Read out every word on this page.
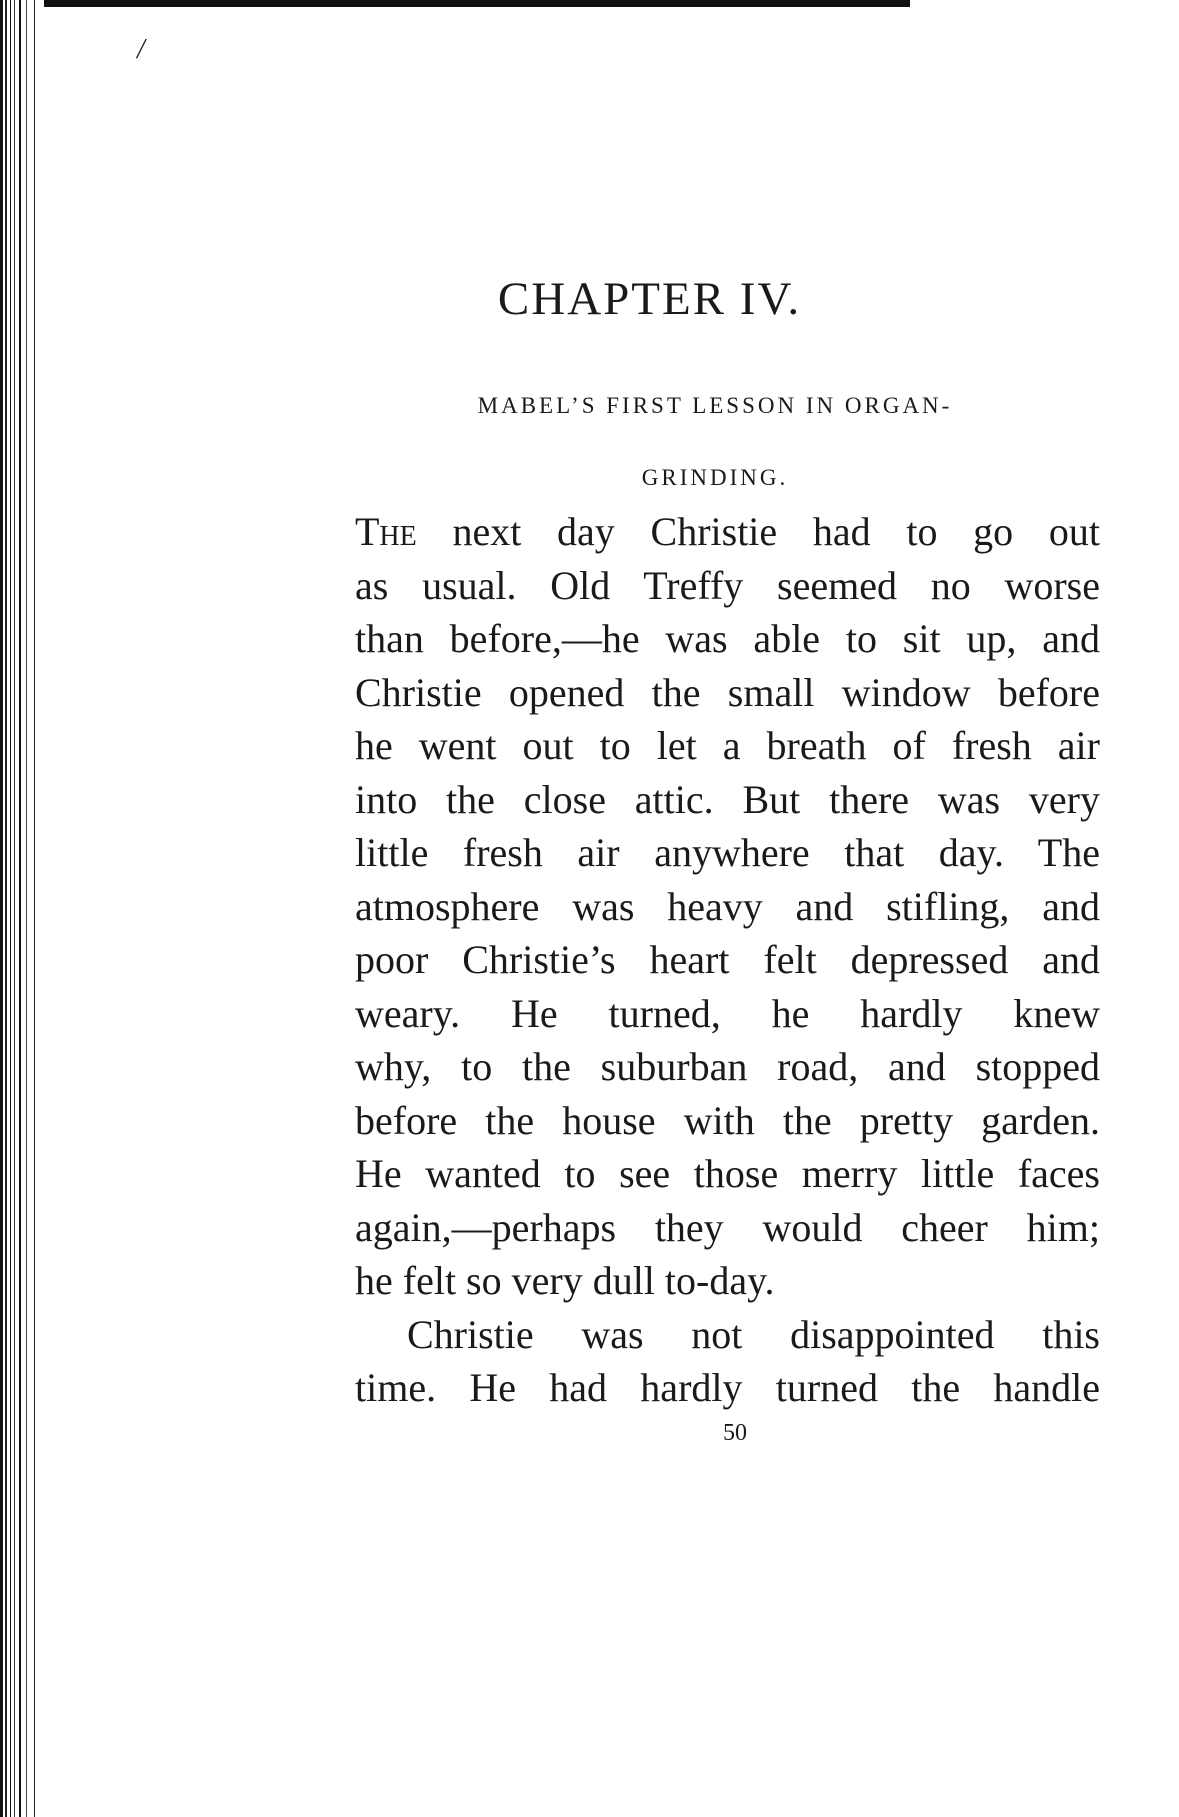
/
CHAPTER IV.
MABEL’S FIRST LESSON IN ORGAN-
GRINDING.
The next day Christie had to go out
as usual. Old Treffy seemed no worse
than before,—he was able to sit up, and
Christie opened the small window before
he went out to let a breath of fresh air
into the close attic. But there was very
little fresh air anywhere that day. The
atmosphere was heavy and stifling, and
poor Christie’s heart felt depressed and
weary. He turned, he hardly knew
why, to the suburban road, and stopped
before the house with the pretty garden.
He wanted to see those merry little faces
again,—perhaps they would cheer him;
he felt so very dull to-day.
Christie was not disappointed this
time. He had hardly turned the handle
50
